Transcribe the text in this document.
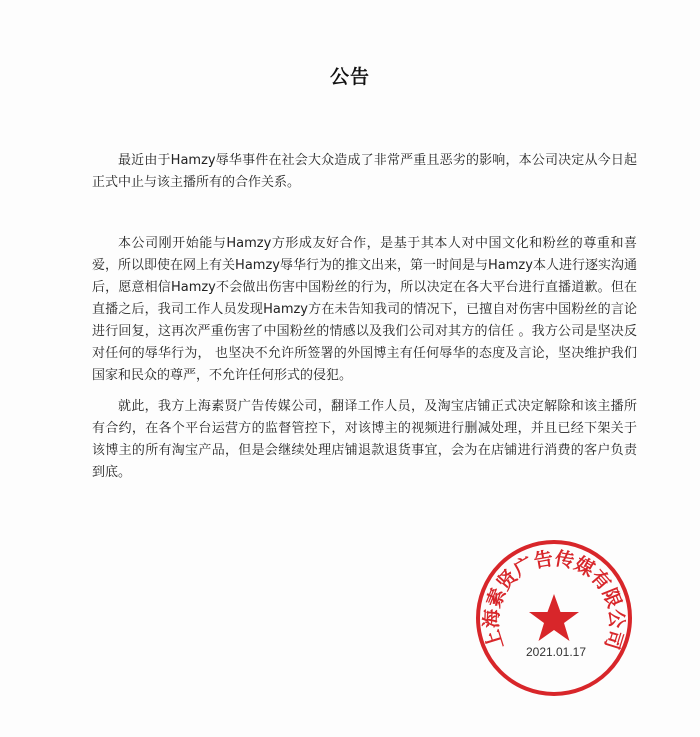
公告

最近由于Hamzy辱华事件在社会大众造成了非常严重且恶劣的影响，本公司决定从今日起正式中止与该主播所有的合作关系。

本公司刚开始能与Hamzy方形成友好合作，是基于其本人对中国文化和粉丝的尊重和喜爱，所以即使在网上有关Hamzy辱华行为的推文出来，第一时间是与Hamzy本人进行逐实沟通后，愿意相信Hamzy不会做出伤害中国粉丝的行为，所以决定在各大平台进行直播道歉。但在直播之后，我司工作人员发现Hamzy方在未告知我司的情况下，已擅自对伤害中国粉丝的言论进行回复，这再次严重伤害了中国粉丝的情感以及我们公司对其方的信任 。我方公司是坚决反对任何的辱华行为， 也坚决不允许所签署的外国博主有任何辱华的态度及言论，坚决维护我们国家和民众的尊严，不允许任何形式的侵犯。

就此，我方上海素贤广告传媒公司，翻译工作人员，及淘宝店铺正式决定解除和该主播所有合约，在各个平台运营方的监督管控下，对该博主的视频进行删减处理，并且已经下架关于该博主的所有淘宝产品，但是会继续处理店铺退款退货事宜，会为在店铺进行消费的客户负责到底。

上海素贤广告传媒有限公司
2021.01.17
